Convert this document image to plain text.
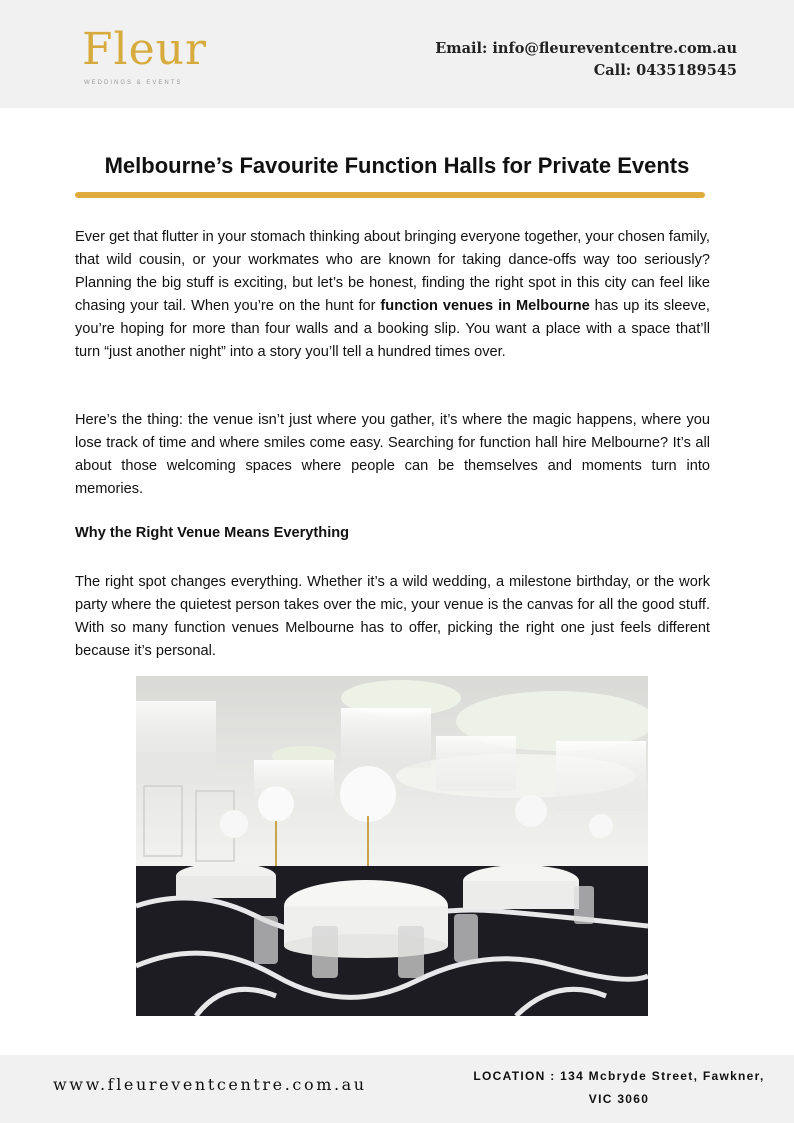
Fleur
WEDDINGS & EVENTS
Email: info@fleureventcentre.com.au
Call: 0435189545
Melbourne’s Favourite Function Halls for Private Events

Ever get that flutter in your stomach thinking about bringing everyone together, your chosen family, that wild cousin, or your workmates who are known for taking dance-offs way too seriously? Planning the big stuff is exciting, but let’s be honest, finding the right spot in this city can feel like chasing your tail. When you’re on the hunt for function venues in Melbourne has up its sleeve, you’re hoping for more than four walls and a booking slip. You want a place with a space that’ll turn “just another night” into a story you’ll tell a hundred times over.

Here’s the thing: the venue isn’t just where you gather, it’s where the magic happens, where you lose track of time and where smiles come easy. Searching for function hall hire Melbourne? It’s all about those welcoming spaces where people can be themselves and moments turn into memories.

Why the Right Venue Means Everything

The right spot changes everything. Whether it’s a wild wedding, a milestone birthday, or the work party where the quietest person takes over the mic, your venue is the canvas for all the good stuff. With so many function venues Melbourne has to offer, picking the right one just feels different because it’s personal.

www.fleureventcentre.com.au	LOCATION : 134 Mcbryde Street, Fawkner,
VIC 3060
